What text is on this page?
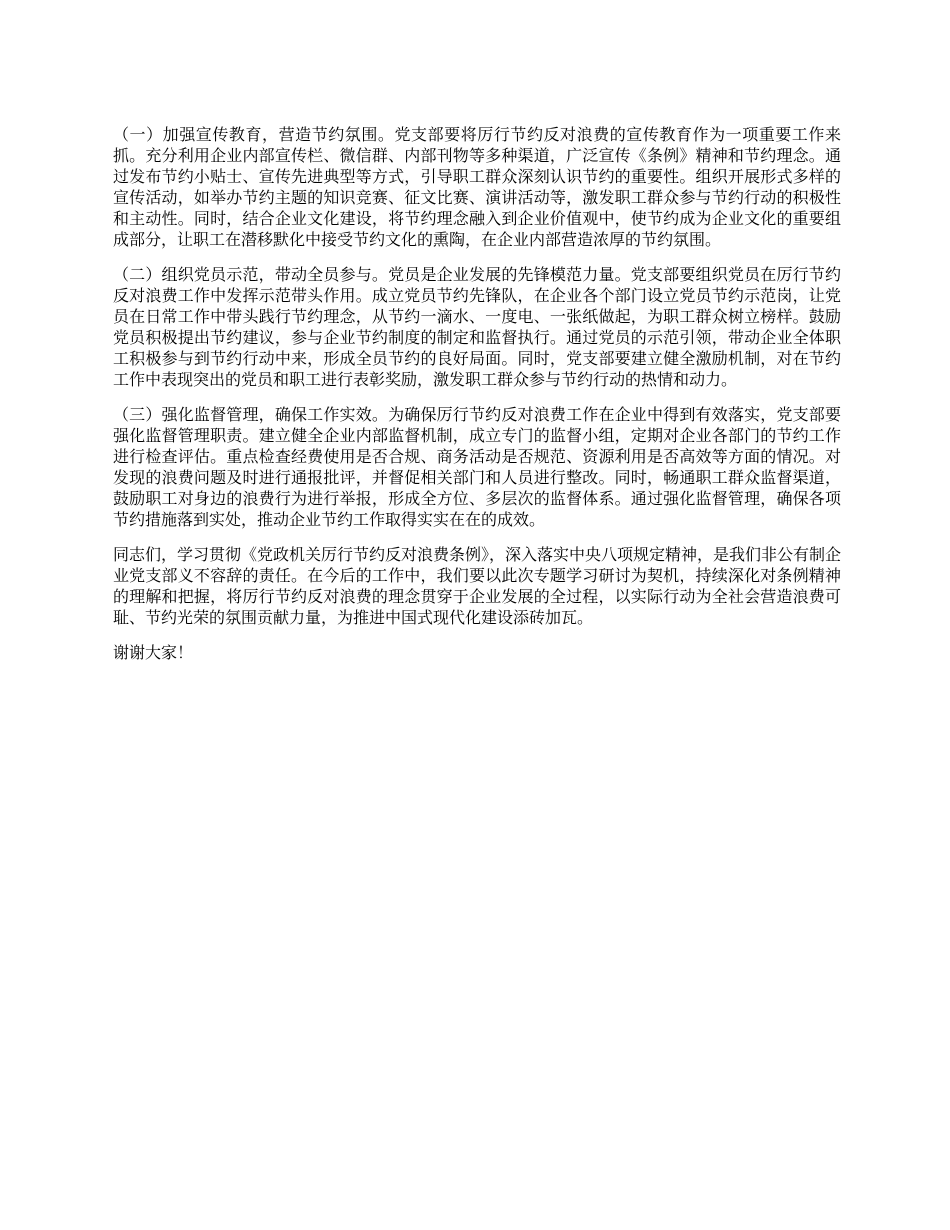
（一）加强宣传教育，营造节约氛围。党支部要将厉行节约反对浪费的宣传教育作为一项重要工作来抓。充分利用企业内部宣传栏、微信群、内部刊物等多种渠道，广泛宣传《条例》精神和节约理念。通过发布节约小贴士、宣传先进典型等方式，引导职工群众深刻认识节约的重要性。组织开展形式多样的宣传活动，如举办节约主题的知识竞赛、征文比赛、演讲活动等，激发职工群众参与节约行动的积极性和主动性。同时，结合企业文化建设，将节约理念融入到企业价值观中，使节约成为企业文化的重要组成部分，让职工在潜移默化中接受节约文化的熏陶，在企业内部营造浓厚的节约氛围。

（二）组织党员示范，带动全员参与。党员是企业发展的先锋模范力量。党支部要组织党员在厉行节约反对浪费工作中发挥示范带头作用。成立党员节约先锋队，在企业各个部门设立党员节约示范岗，让党员在日常工作中带头践行节约理念，从节约一滴水、一度电、一张纸做起，为职工群众树立榜样。鼓励党员积极提出节约建议，参与企业节约制度的制定和监督执行。通过党员的示范引领，带动企业全体职工积极参与到节约行动中来，形成全员节约的良好局面。同时，党支部要建立健全激励机制，对在节约工作中表现突出的党员和职工进行表彰奖励，激发职工群众参与节约行动的热情和动力。

（三）强化监督管理，确保工作实效。为确保厉行节约反对浪费工作在企业中得到有效落实，党支部要强化监督管理职责。建立健全企业内部监督机制，成立专门的监督小组，定期对企业各部门的节约工作进行检查评估。重点检查经费使用是否合规、商务活动是否规范、资源利用是否高效等方面的情况。对发现的浪费问题及时进行通报批评，并督促相关部门和人员进行整改。同时，畅通职工群众监督渠道，鼓励职工对身边的浪费行为进行举报，形成全方位、多层次的监督体系。通过强化监督管理，确保各项节约措施落到实处，推动企业节约工作取得实实在在的成效。

同志们，学习贯彻《党政机关厉行节约反对浪费条例》，深入落实中央八项规定精神，是我们非公有制企业党支部义不容辞的责任。在今后的工作中，我们要以此次专题学习研讨为契机，持续深化对条例精神的理解和把握，将厉行节约反对浪费的理念贯穿于企业发展的全过程，以实际行动为全社会营造浪费可耻、节约光荣的氛围贡献力量，为推进中国式现代化建设添砖加瓦。

谢谢大家！
